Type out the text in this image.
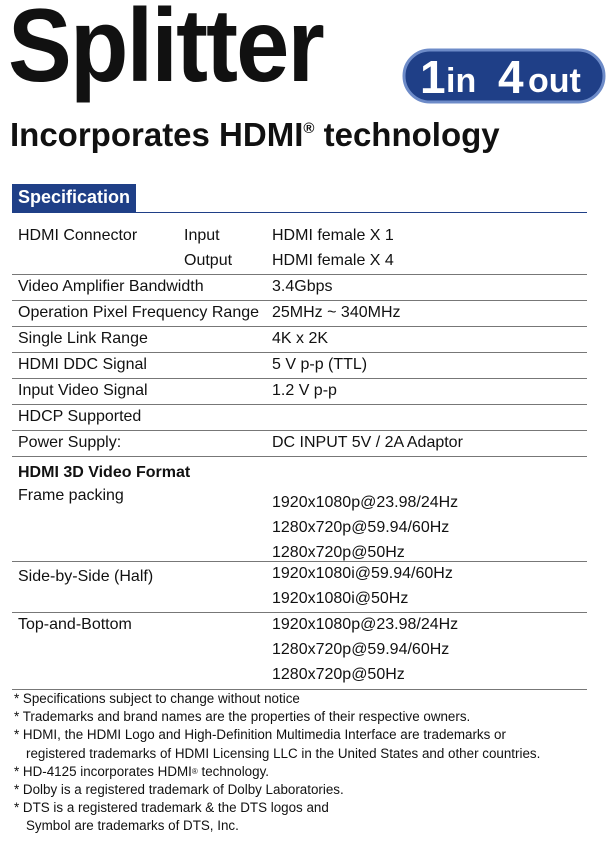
Splitter 1 in 4 out
Incorporates HDMI® technology
Specification
HDMI Connector	Input	HDMI female X 1
Output HDMI female X 4
Video Amplifier Bandwidth	3.4Gbps
Operation Pixel Frequency Range 25MHz ~ 340MHz
Single Link Range	4K x 2K
HDMI DDC Signal	5 V p-p (TTL)
Input Video Signal	1.2 V p-p
HDCP Supported
Power Supply:	DC INPUT 5V / 2A Adaptor
HDMI 3D Video Format
Frame packing	1920x1080p@23.98/24Hz
1280x720p@59.94/60Hz
1280x720p@50Hz
Side-by-Side (Half)	1920x1080i@59.94/60Hz
1920x1080i@50Hz
Top-and-Bottom	1920x1080p@23.98/24Hz
1280x720p@59.94/60Hz
1280x720p@50Hz
* Specifications subject to change without notice
* Trademarks and brand names are the properties of their respective owners.
* HDMI, the HDMI Logo and High-Definition Multimedia Interface are trademarks or
registered trademarks of HDMI Licensing LLC in the United States and other countries.
* HD-4125 incorporates HDMI® technology.
* Dolby is a registered trademark of Dolby Laboratories.
* DTS is a registered trademark & the DTS logos and
Symbol are trademarks of DTS, Inc.
